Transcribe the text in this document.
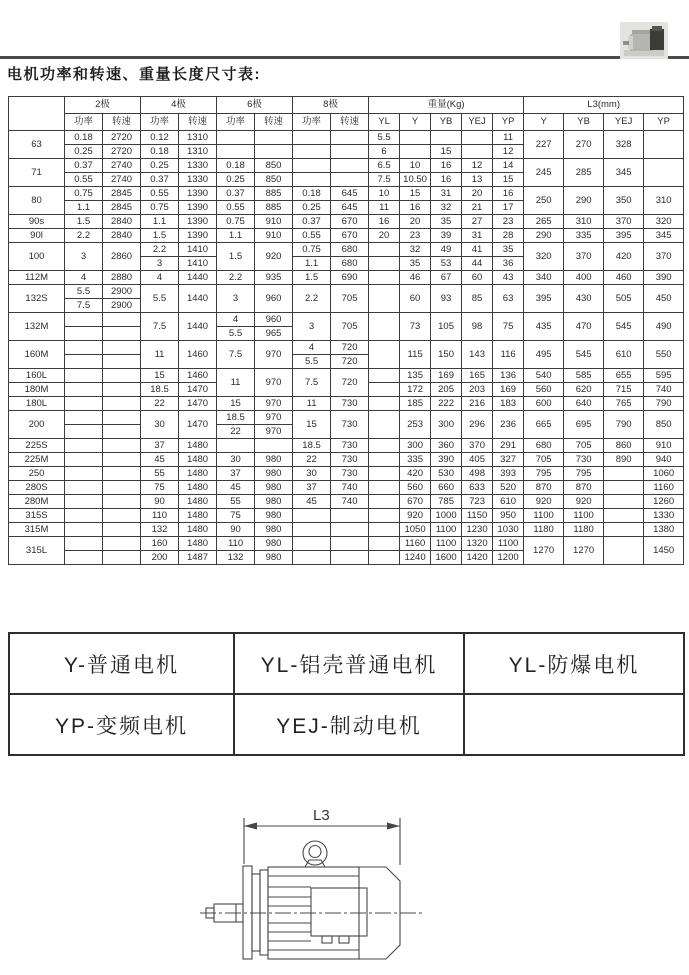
电机功率和转速、重量长度尺寸表:
	2极		4极		6极		8极		重量(Kg)					L3(mm)			
	功率	转速	功率	转速	功率	转速	功率	转速	YL	Y	YB	YEJ	YP	Y	YB	YEJ	YP
63	0.18	2720	0.12	1310					5.5				11	227	270	328	
	0.25	2720	0.18	1310					6		15		12				
71	0.37	2740	0.25	1330	0.18	850			6.5	10	16	12	14	245	285	345	
	0.55	2740	0.37	1330	0.25	850			7.5	10.50	16	13	15				
80	0.75	2845	0.55	1390	0.37	885	0.18	645	10	15	31	20	16	250	290	350	310
	1.1	2845	0.75	1390	0.55	885	0.25	645	11	16	32	21	17				
90s	1.5	2840	1.1	1390	0.75	910	0.37	670	16	20	35	27	23	265	310	370	320
90l	2.2	2840	1.5	1390	1.1	910	0.55	670	20	23	39	31	28	290	335	395	345
100	3	2860	2.2	1410	1.5	920	0.75	680		32	49	41	35	320	370	420	370
			3	1410			1.1	680		35	53	44	36				
112M	4	2880	4	1440	2.2	935	1.5	690		46	67	60	43	340	400	460	390
132S	5.5	2900	5.5	1440	3	960	2.2	705		60	93	85	63	395	430	505	450
	7.5	2900															
132M			7.5	1440	4	960	3	705		73	105	98	75	435	470	545	490
					5.5	965											
160M			11	1460	7.5	970	4	720		115	150	143	116	495	545	610	550
							5.5	720									
160L			15	1460	11	970	7.5	720		135	169	165	136	540	585	655	595
180M			18.5	1470						172	205	203	169	560	620	715	740
180L			22	1470	15	970	11	730		185	222	216	183	600	640	765	790
200			30	1470	18.5	970	15	730		253	300	296	236	665	695	790	850
					22	970											
225S			37	1480			18.5	730		300	360	370	291	680	705	860	910
225M			45	1480	30	980	22	730		335	390	405	327	705	730	890	940
250			55	1480	37	980	30	730		420	530	498	393	795	795		1060
280S			75	1480	45	980	37	740		560	660	633	520	870	870		1160
280M			90	1480	55	980	45	740		670	785	723	610	920	920		1260
315S			110	1480	75	980				920	1000	1150	950	1100	1100		1330
315M			132	1480	90	980				1050	1100	1230	1030	1180	1180		1380
315L			160	1480	110	980				1160	1100	1320	1100	1270	1270		1450
			200	1487	132	980				1240	1600	1420	1200				
Y-普通电机	YL-铝壳普通电机	YL-防爆电机
YP-变频电机	YEJ-制动电机	
L3
